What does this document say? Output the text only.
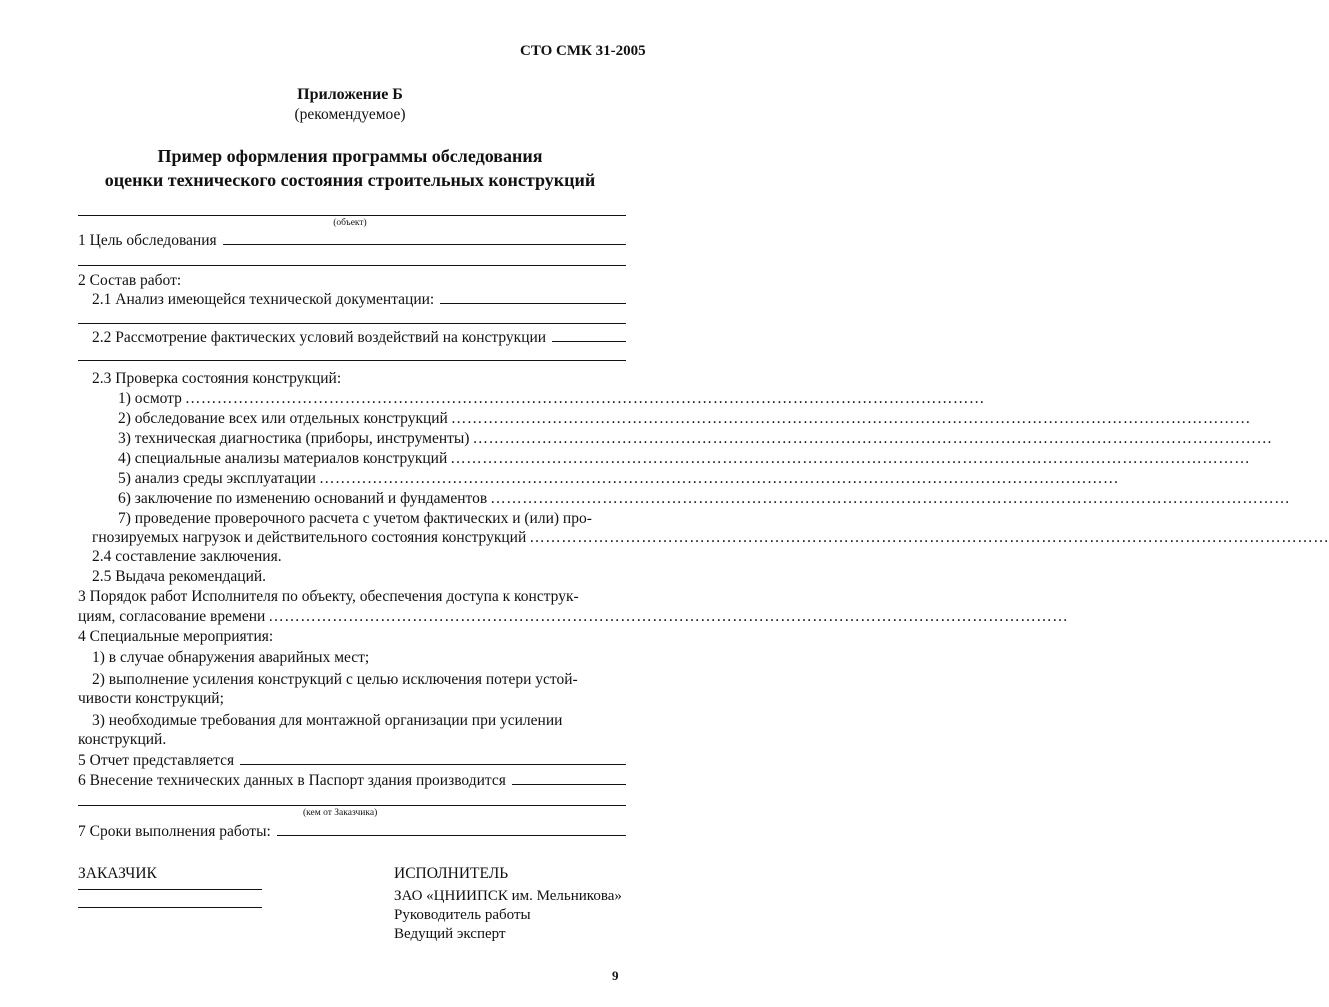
СТО СМК 31-2005
Приложение Б
(рекомендуемое)
Пример оформления программы обследования
оценки технического состояния строительных конструкций
(объект)
1 Цель обследования
2 Состав работ:
2.1 Анализ имеющейся технической документации:
2.2 Рассмотрение фактических условий воздействий на конструкции
2.3 Проверка состояния конструкций:
1)
осмотр ……………………………………………………………………………………………………………………………………
2)
обследование всех или отдельных конструкций ……………………………………………………………………………………………………………………………………
3)
техническая диагностика (приборы, инструменты) ……………………………………………………………………………………………………………………………………
4)
специальные анализы материалов конструкций ……………………………………………………………………………………………………………………………………
5)
анализ среды эксплуатации ……………………………………………………………………………………………………………………………………
6)
заключение по изменению оснований и фундаментов ……………………………………………………………………………………………………………………………………
7) проведение проверочного расчета с учетом фактических и (или) про-
гнозируемых нагрузок и действительного состояния конструкций ……………………………………………………………………………………………………………………………………
2.4 составление заключения.
2.5 Выдача рекомендаций.
3 Порядок работ Исполнителя по объекту, обеспечения доступа к конструк-
циям, согласование времени ……………………………………………………………………………………………………………………………………
4 Специальные мероприятия:
1) в случае обнаружения аварийных мест;
2) выполнение усиления конструкций с целью исключения потери устой-
чивости конструкций;
3) необходимые требования для монтажной организации при усилении
конструкций.
5 Отчет представляется
6 Внесение технических данных в Паспорт здания производится
(кем от Заказчика)
7 Сроки выполнения работы:
ЗАКАЗЧИК	ИСПОЛНИТЕЛЬ
ЗАО «ЦНИИПСК им. Мельникова»
Руководитель работы
Ведущий эксперт
9
